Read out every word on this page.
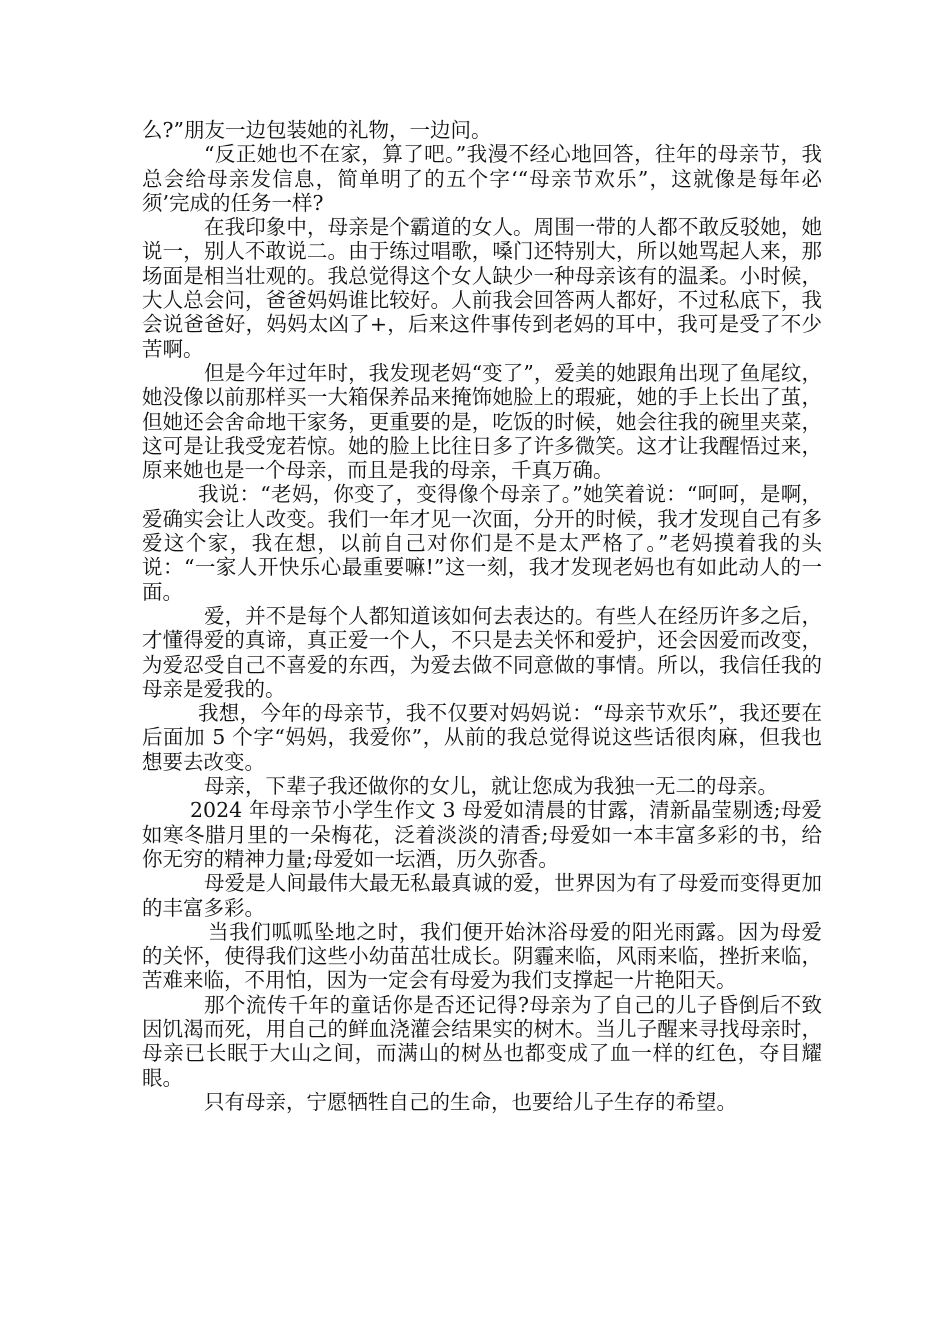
么?”朋友一边包装她的礼物，一边问。

“反正她也不在家，算了吧。”我漫不经心地回答，往年的母亲节，我总会给母亲发信息，简单明了的五个字‘“母亲节欢乐”，这就像是每年必须’完成的任务一样?

在我印象中，母亲是个霸道的女人。周围一带的人都不敢反驳她，她说一，别人不敢说二。由于练过唱歌，嗓门还特别大，所以她骂起人来，那场面是相当壮观的。我总觉得这个女人缺少一种母亲该有的温柔。小时候，大人总会问，爸爸妈妈谁比较好。人前我会回答两人都好，不过私底下，我会说爸爸好，妈妈太凶了+，后来这件事传到老妈的耳中，我可是受了不少苦啊。

但是今年过年时，我发现老妈“变了”，爱美的她跟角出现了鱼尾纹，她没像以前那样买一大箱保养品来掩饰她脸上的瑕疵，她的手上长出了茧，但她还会舍命地干家务，更重要的是，吃饭的时候，她会往我的碗里夹菜，这可是让我受宠若惊。她的脸上比往日多了许多微笑。这才让我醒悟过来，原来她也是一个母亲，而且是我的母亲，千真万确。

我说：“老妈，你变了，变得像个母亲了。”她笑着说：“呵呵，是啊，爱确实会让人改变。我们一年才见一次面，分开的时候，我才发现自己有多爱这个家，我在想，以前自己对你们是不是太严格了。”老妈摸着我的头说：“一家人开快乐心最重要嘛!”这一刻，我才发现老妈也有如此动人的一面。

爱，并不是每个人都知道该如何去表达的。有些人在经历许多之后，才懂得爱的真谛，真正爱一个人，不只是去关怀和爱护，还会因爱而改变，为爱忍受自己不喜爱的东西，为爱去做不同意做的事情。所以，我信任我的母亲是爱我的。

我想，今年的母亲节，我不仅要对妈妈说：“母亲节欢乐”，我还要在后面加 5 个字“妈妈，我爱你”，从前的我总觉得说这些话很肉麻，但我也想要去改变。

母亲，下辈子我还做你的女儿，就让您成为我独一无二的母亲。

2024 年母亲节小学生作文 3 母爱如清晨的甘露，清新晶莹剔透;母爱如寒冬腊月里的一朵梅花，泛着淡淡的清香;母爱如一本丰富多彩的书，给你无穷的精神力量;母爱如一坛酒，历久弥香。

母爱是人间最伟大最无私最真诚的爱，世界因为有了母爱而变得更加的丰富多彩。

当我们呱呱坠地之时，我们便开始沐浴母爱的阳光雨露。因为母爱的关怀，使得我们这些小幼苗茁壮成长。阴霾来临，风雨来临，挫折来临，苦难来临，不用怕，因为一定会有母爱为我们支撑起一片艳阳天。

那个流传千年的童话你是否还记得?母亲为了自己的儿子昏倒后不致因饥渴而死，用自己的鲜血浇灌会结果实的树木。当儿子醒来寻找母亲时，母亲已长眠于大山之间，而满山的树丛也都变成了血一样的红色，夺目耀眼。

只有母亲，宁愿牺牲自己的生命，也要给儿子生存的希望。
